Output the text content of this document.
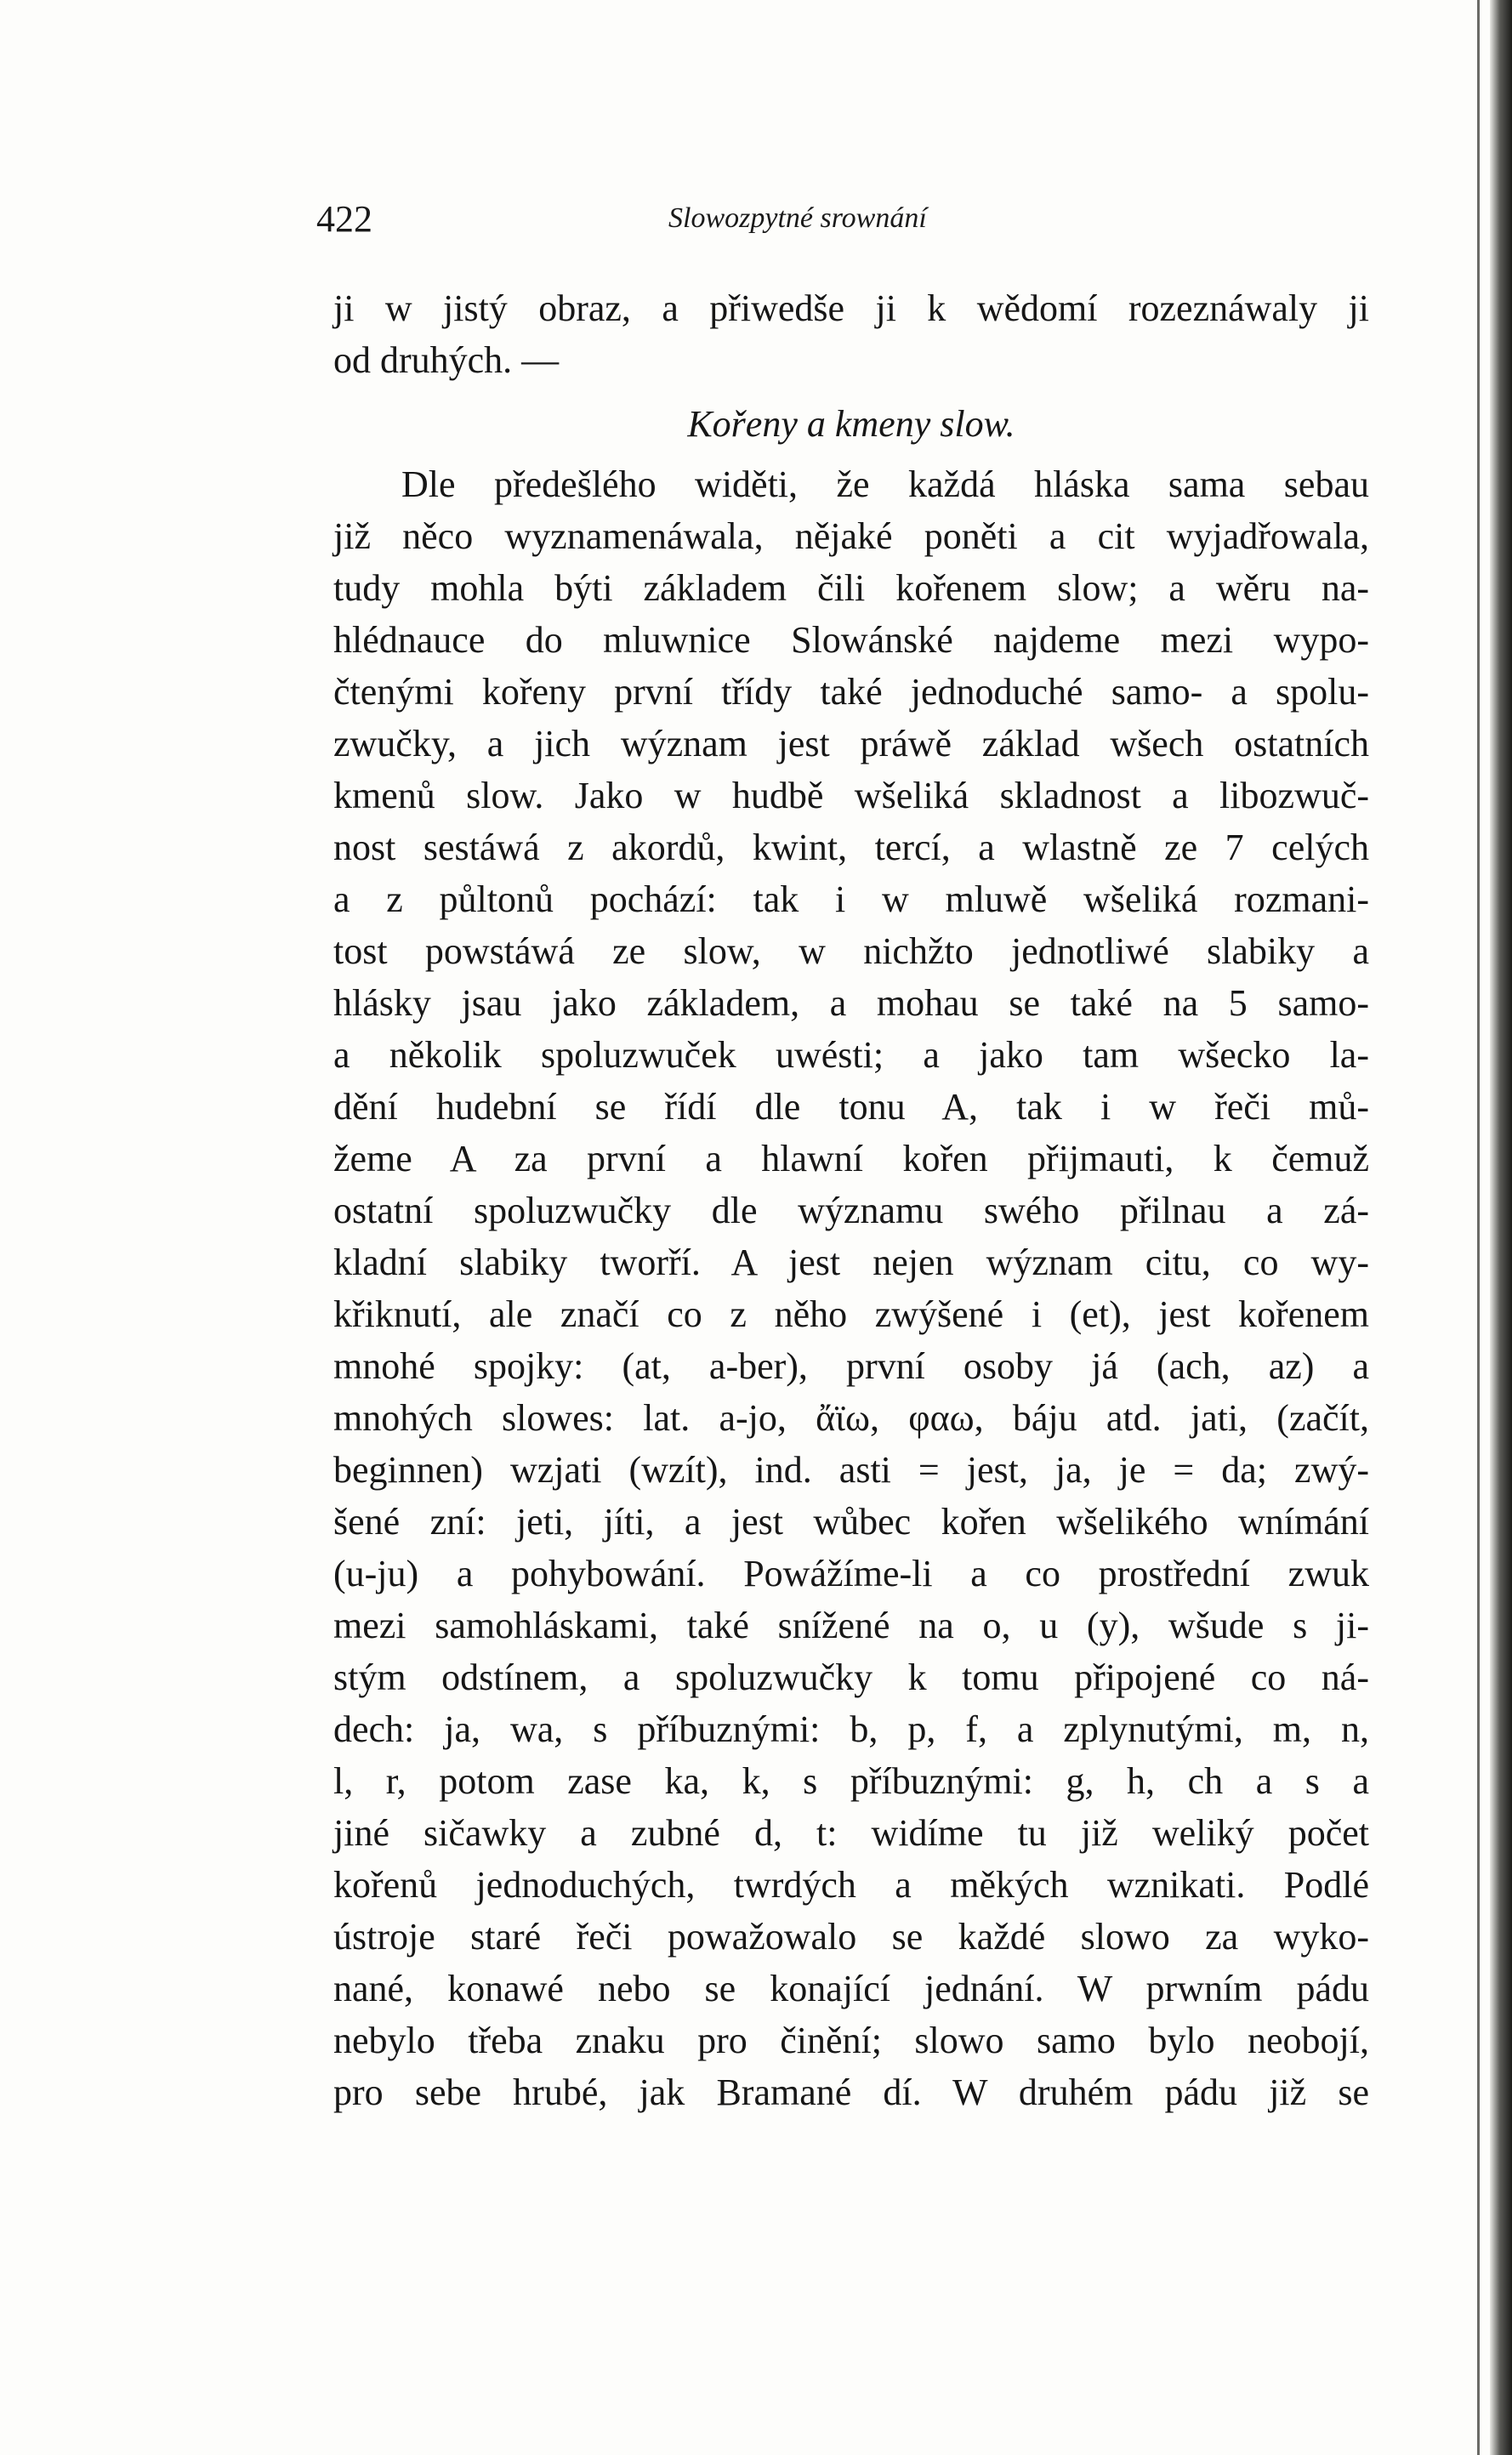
422	Slowozpytné srownání
ji w jistý obraz, a přiwedše ji k wědomí rozeznáwaly ji
od druhých. —
Kořeny a kmeny slow.
Dle předešlého widěti, že každá hláska sama sebau
již něco wyznamenáwala, nějaké poněti a cit wyjadřowala,
tudy mohla býti základem čili kořenem slow; a wěru na-
hlédnauce do mluwnice Slowánské najdeme mezi wypo-
čtenými kořeny první třídy také jednoduché samo- a spolu-
zwučky, a jich wýznam jest práwě základ wšech ostatních
kmenů slow. Jako w hudbě wšeliká skladnost a libozwuč-
nost sestáwá z akordů, kwint, tercí, a wlastně ze 7 celých
a z půltonů pochází: tak i w mluwě wšeliká rozmani-
tost powstáwá ze slow, w nichžto jednotliwé slabiky a
hlásky jsau jako základem, a mohau se také na 5 samo-
a několik spoluzwuček uwésti; a jako tam wšecko la-
dění hudební se řídí dle tonu A, tak i w řeči mů-
žeme A za první a hlawní kořen přijmauti, k čemuž
ostatní spoluzwučky dle wýznamu swého přilnau a zá-
kladní slabiky tworří. A jest nejen wýznam citu, co wy-
křiknutí, ale značí co z něho zwýšené i (et), jest kořenem
mnohé spojky: (at, a-ber), první osoby já (ach, az) a
mnohých slowes: lat. a-jo, ἄϊω, φαω, báju atd. jati, (začít,
beginnen) wzjati (wzít), ind. asti = jest, ja, je = da; zwý-
šené zní: jeti, jíti, a jest wůbec kořen wšelikého wnímání
(u-ju) a pohybowání. Powážíme-li a co prostřední zwuk
mezi samohláskami, také snížené na o, u (y), wšude s ji-
stým odstínem, a spoluzwučky k tomu připojené co ná-
dech: ja, wa, s příbuznými: b, p, f, a zplynutými, m, n,
l, r, potom zase ka, k, s příbuznými: g, h, ch a s a
jiné sičawky a zubné d, t: widíme tu již weliký počet
kořenů jednoduchých, twrdých a měkých wznikati. Podlé
ústroje staré řeči powažowalo se každé slowo za wyko-
nané, konawé nebo se konající jednání. W prwním pádu
nebylo třeba znaku pro činění; slowo samo bylo neobojí,
pro sebe hrubé, jak Bramané dí. W druhém pádu již se
